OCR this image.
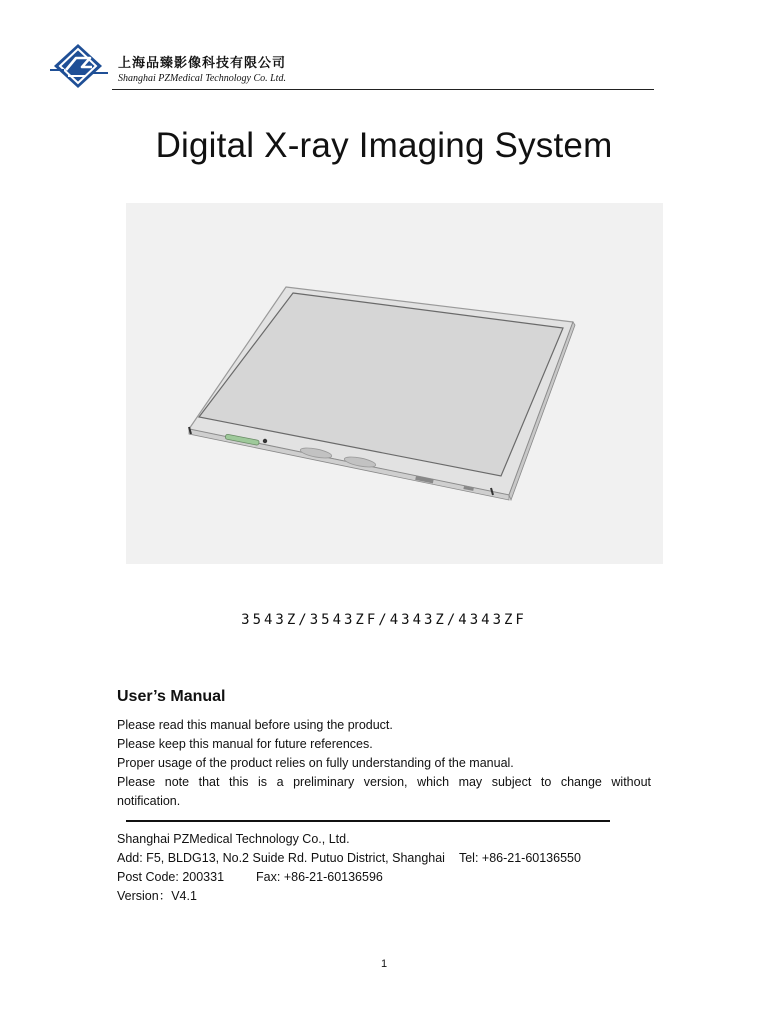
上海品臻影像科技有限公司
Shanghai PZMedical Technology Co. Ltd.
Digital X-ray Imaging System
3543Z/3543ZF/4343Z/4343ZF
User’s Manual

Please read this manual before using the product.

Please keep this manual for future references.

Proper usage of the product relies on fully understanding of the manual.

Please note that this is a preliminary version, which may subject to change without

notification.

Shanghai PZMedical Technology Co., Ltd.
Add: F5, BLDG13, No.2 Suide Rd. Putuo District, Shanghai Tel: +86-21-60136550
Post Code: 200331	Fax: +86-21-60136596
Version：V4.1
1
